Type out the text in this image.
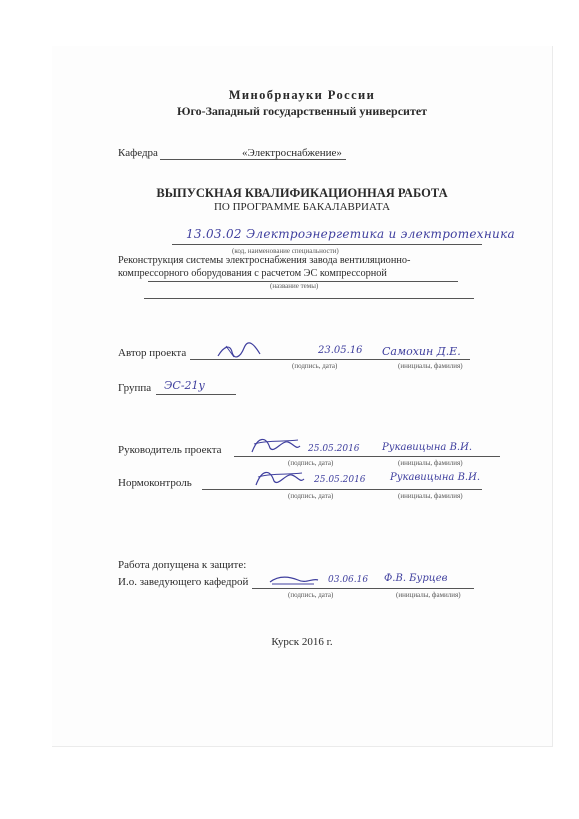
Минобрнауки России
Юго-Западный государственный университет
Кафедра	«Электроснабжение»
ВЫПУСКНАЯ КВАЛИФИКАЦИОННАЯ РАБОТА
ПО ПРОГРАММЕ БАКАЛАВРИАТА
13.03.02 Электроэнергетика и электротехника
(код, наименование специальности)
Реконструкция системы электроснабжения завода вентиляционно-
компрессорного оборудования с расчетом ЭС компрессорной
(название темы)
Автор проекта	23.05.16 Самохин Д.Е.
(подпись, дата)	(инициалы, фамилия)
Группа ЭС-21у
Руководитель проекта	25.05.2016 Рукавицына В.И.
(подпись, дата)	(инициалы, фамилия)
Нормоконтроль	25.05.2016 Рукавицына В.И.
(подпись, дата)	(инициалы, фамилия)
Работа допущена к защите:
И.о. заведующего кафедрой	03.06.16 Ф.В. Бурцев
(подпись, дата)	(инициалы, фамилия)
Курск 2016 г.
